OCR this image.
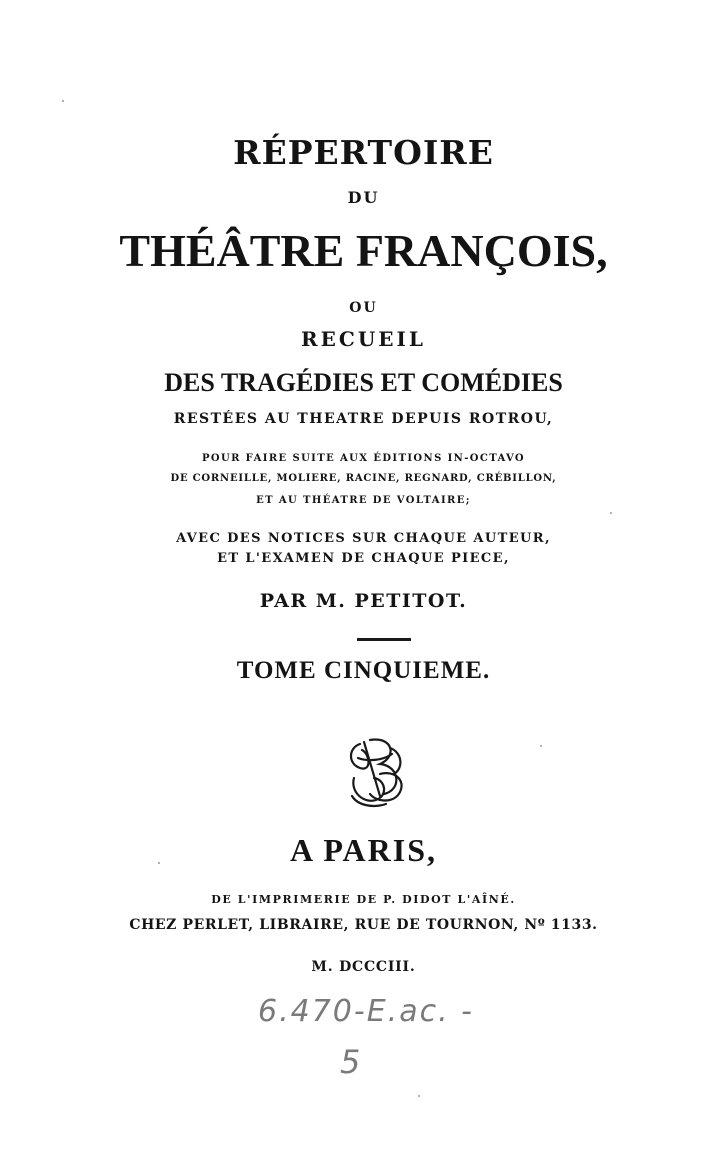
RÉPERTOIRE
DU
THÉÂTRE FRANÇOIS,
OU
RECUEIL
DES TRAGÉDIES ET COMÉDIES
RESTÉES AU THEATRE DEPUIS ROTROU,
POUR FAIRE SUITE AUX ÉDITIONS IN-OCTAVO
DE CORNEILLE, MOLIERE, RACINE, REGNARD, CRÉBILLON,
ET AU THÉATRE DE VOLTAIRE;
AVEC DES NOTICES SUR CHAQUE AUTEUR,
ET L'EXAMEN DE CHAQUE PIECE,
PAR M. PETITOT.
TOME CINQUIEME.
A PARIS,
DE L'IMPRIMERIE DE P. DIDOT L'AÎNÉ.
CHEZ PERLET, LIBRAIRE, RUE DE TOURNON, Nº 1133.
M. DCCCIII.
6.470-E.ac. -
5
